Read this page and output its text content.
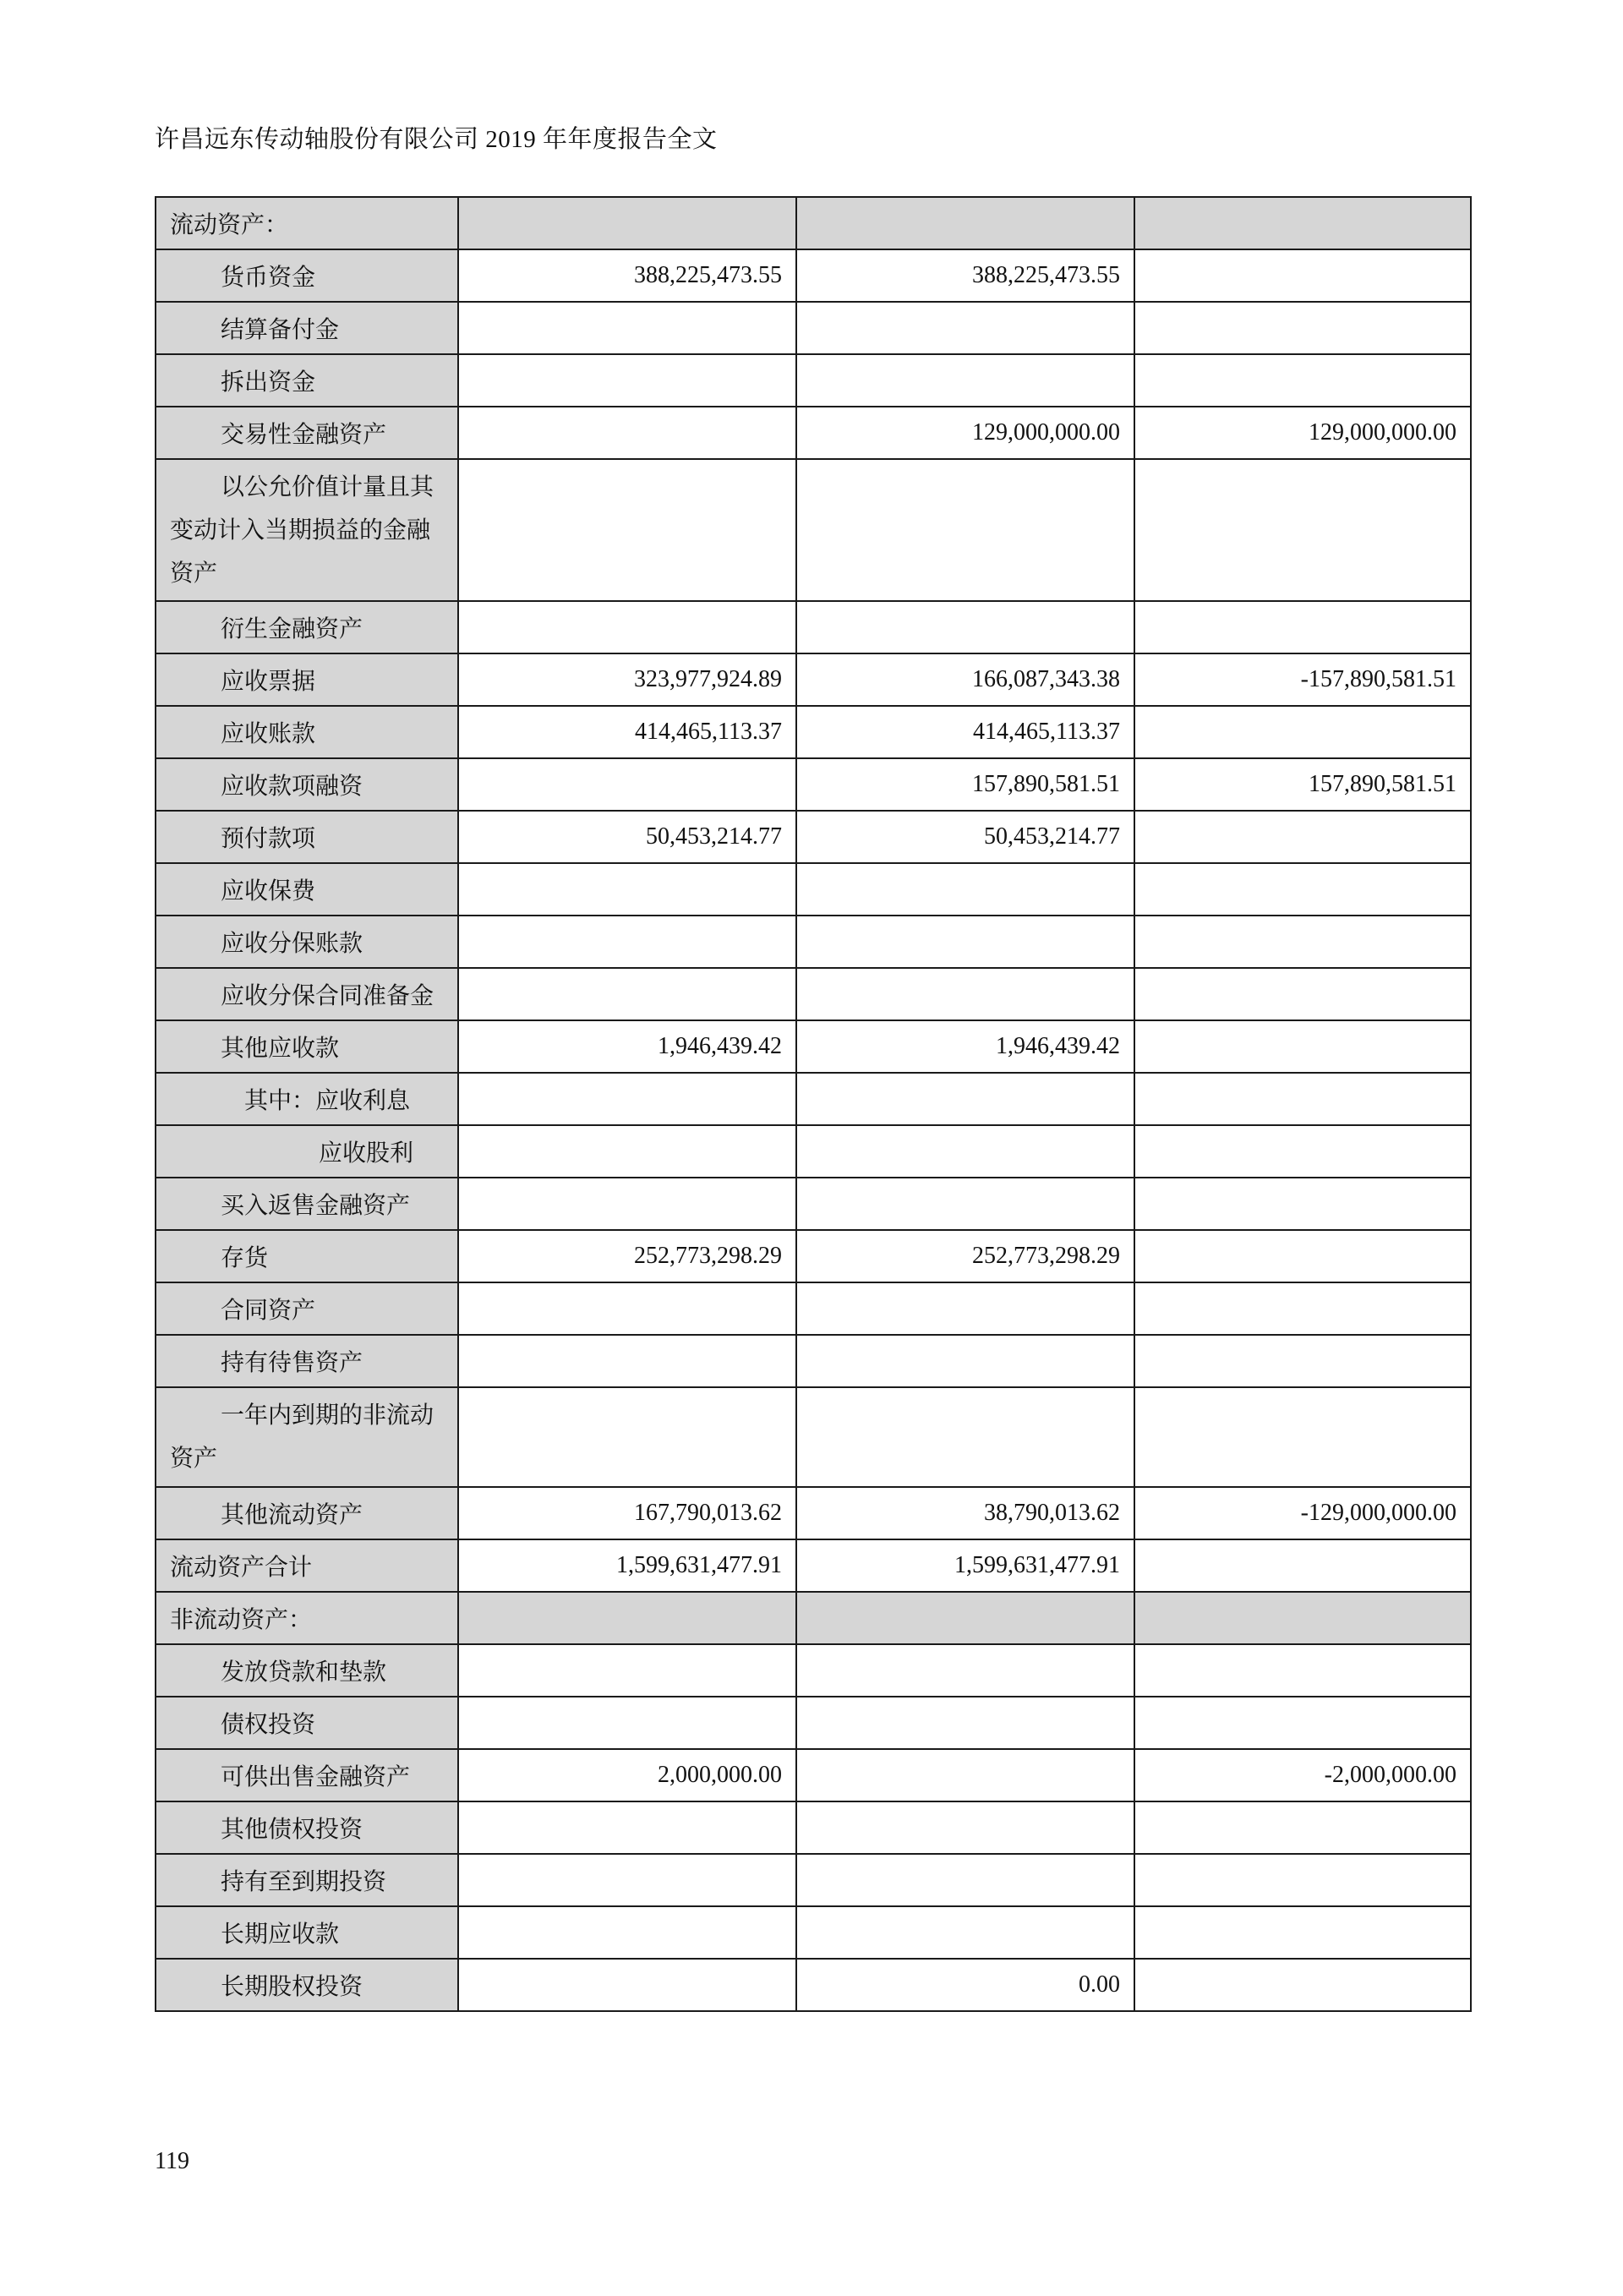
许昌远东传动轴股份有限公司 2019 年年度报告全文
流动资产：			
货币资金	388,225,473.55	388,225,473.55	
结算备付金			
拆出资金			
交易性金融资产		129,000,000.00	129,000,000.00

以公允价值计量且其
变动计入当期损益的金融
资产			

衍生金融资产			
应收票据	323,977,924.89	166,087,343.38	-157,890,581.51
应收账款	414,465,113.37	414,465,113.37	
应收款项融资		157,890,581.51	157,890,581.51
预付款项	50,453,214.77	50,453,214.77	
应收保费			
应收分保账款			
应收分保合同准备金			
其他应收款	1,946,439.42	1,946,439.42	
其中：应收利息			
应收股利			
买入返售金融资产			
存货	252,773,298.29	252,773,298.29	
合同资产			
持有待售资产			

一年内到期的非流动
资产			

其他流动资产	167,790,013.62	38,790,013.62	-129,000,000.00
流动资产合计	1,599,631,477.91	1,599,631,477.91	
非流动资产：			
发放贷款和垫款			
债权投资			
可供出售金融资产	2,000,000.00		-2,000,000.00
其他债权投资			
持有至到期投资			
长期应收款			
长期股权投资		0.00	
119
